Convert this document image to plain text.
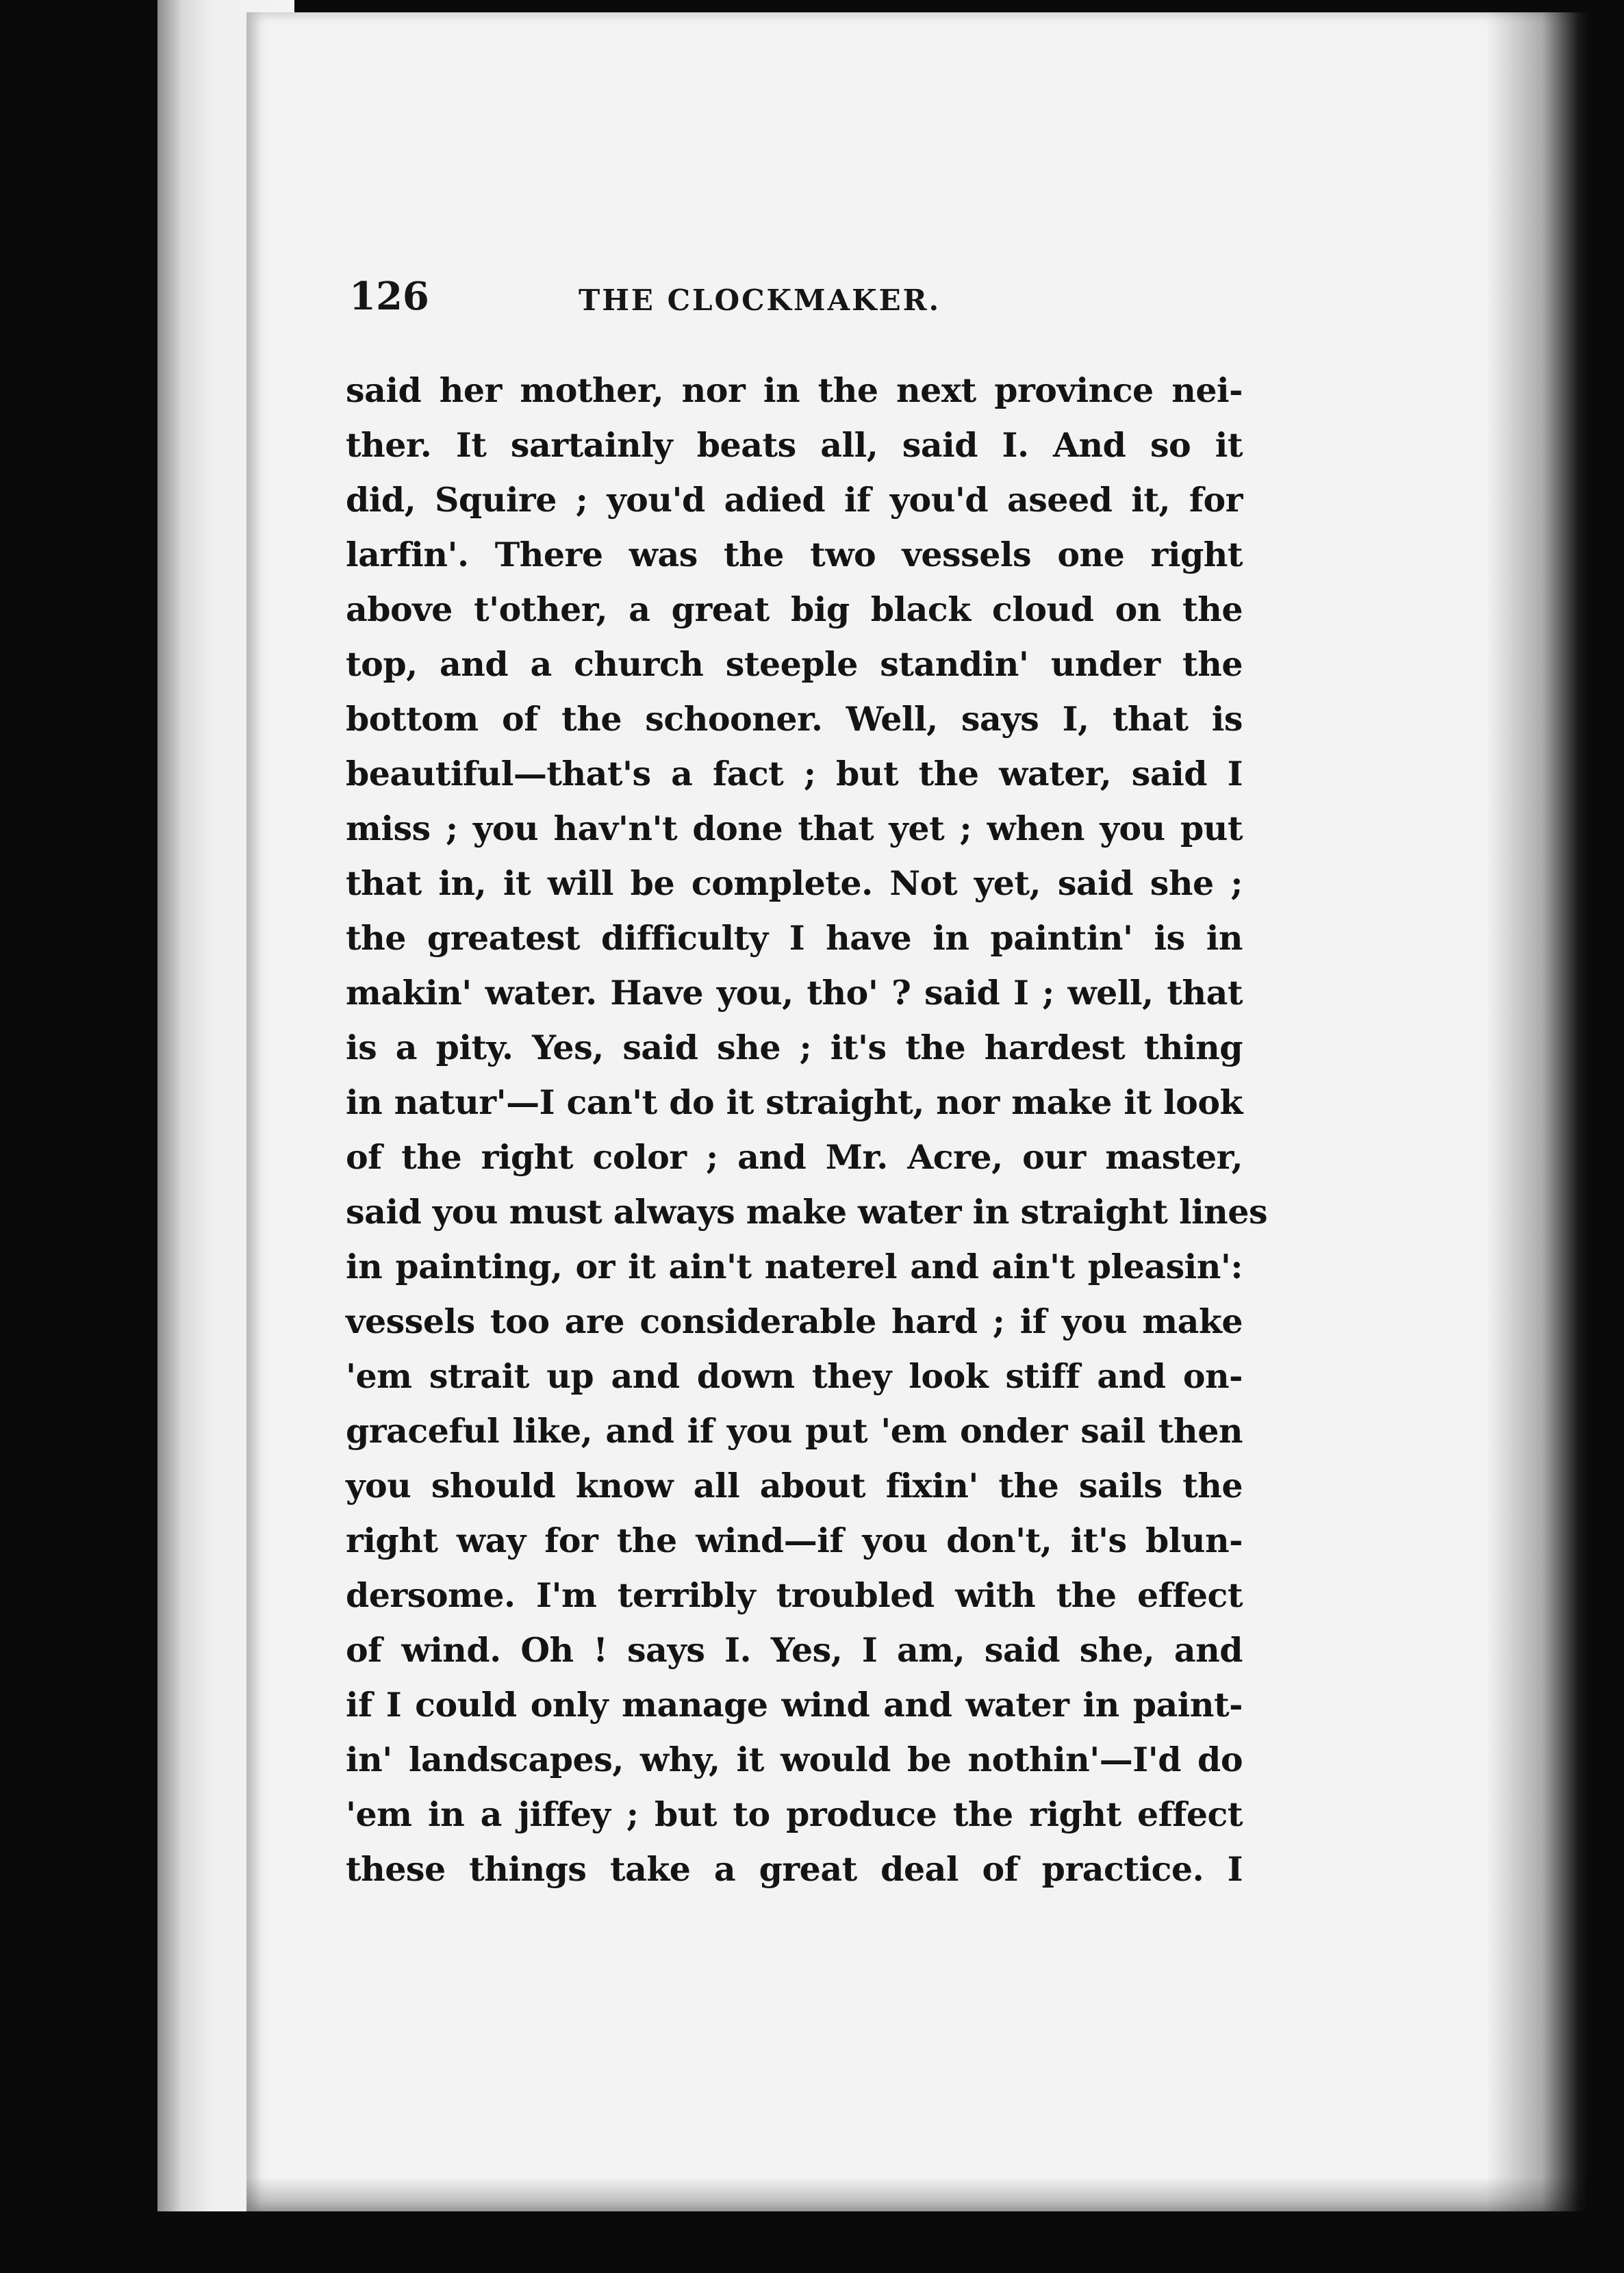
126	THE CLOCKMAKER.
said her mother, nor in the next province nei-
ther. It sartainly beats all, said I. And so it
did, Squire ; you'd adied if you'd aseed it, for
larfin'. There was the two vessels one right
above t'other, a great big black cloud on the
top, and a church steeple standin' under the
bottom of the schooner. Well, says I, that is
beautiful—that's a fact ; but the water, said I
miss ; you hav'n't done that yet ; when you put
that in, it will be complete. Not yet, said she ;
the greatest difficulty I have in paintin' is in
makin' water. Have you, tho' ? said I ; well, that
is a pity. Yes, said she ; it's the hardest thing
in natur'—I can't do it straight, nor make it look
of the right color ; and Mr. Acre, our master,
said you must always make water in straight lines
in painting, or it ain't naterel and ain't pleasin':
vessels too are considerable hard ; if you make
'em strait up and down they look stiff and on-
graceful like, and if you put 'em onder sail then
you should know all about fixin' the sails the
right way for the wind—if you don't, it's blun-
dersome. I'm terribly troubled with the effect
of wind. Oh ! says I. Yes, I am, said she, and
if I could only manage wind and water in paint-
in' landscapes, why, it would be nothin'—I'd do
'em in a jiffey ; but to produce the right effect
these things take a great deal of practice. I
